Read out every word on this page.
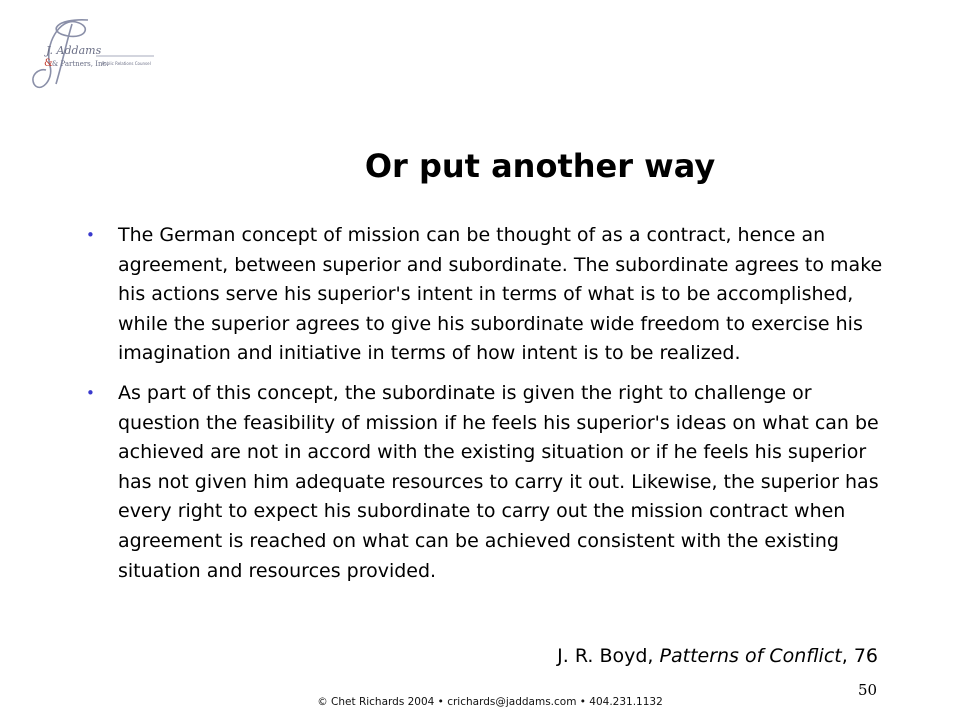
J. Addams
& & Partners, Inc.
Public Relations Counsel
Or put another way
• The German concept of mission can be thought of as a contract, hence an agreement, between superior and subordinate. The subordinate agrees to make his actions serve his superior's intent in terms of what is to be accomplished, while the superior agrees to give his subordinate wide freedom to exercise his imagination and initiative in terms of how intent is to be realized.
• As part of this concept, the subordinate is given the right to challenge or question the feasibility of mission if he feels his superior's ideas on what can be achieved are not in accord with the existing situation or if he feels his superior has not given him adequate resources to carry it out. Likewise, the superior has every right to expect his subordinate to carry out the mission contract when agreement is reached on what can be achieved consistent with the existing situation and resources provided.
J. R. Boyd, Patterns of Conflict, 76
50
© Chet Richards 2004 • crichards@jaddams.com • 404.231.1132
